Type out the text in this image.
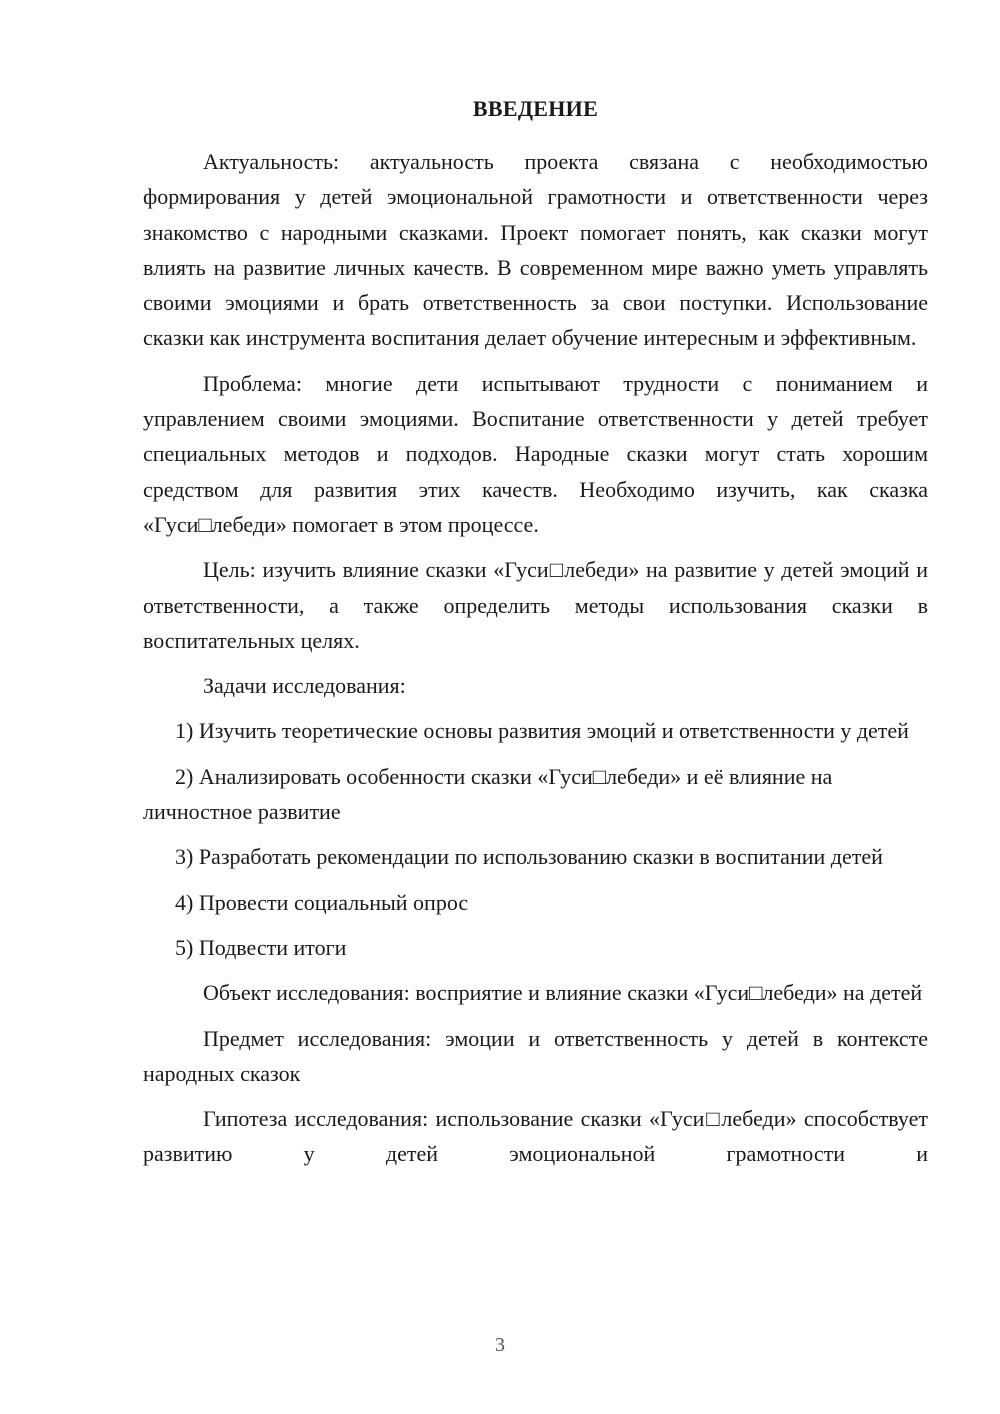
ВВЕДЕНИЕ

Актуальность: актуальность проекта связана с необходимостью формирования у детей эмоциональной грамотности и ответственности через знакомство с народными сказками. Проект помогает понять, как сказки могут влиять на развитие личных качеств. В современном мире важно уметь управлять своими эмоциями и брать ответственность за свои поступки. Использование сказки как инструмента воспитания делает обучение интересным и эффективным.

Проблема: многие дети испытывают трудности с пониманием и управлением своими эмоциями. Воспитание ответственности у детей требует специальных методов и подходов. Народные сказки могут стать хорошим средством для развития этих качеств. Необходимо изучить, как сказка «Гуси□лебеди» помогает в этом процессе.

Цель: изучить влияние сказки «Гуси□лебеди» на развитие у детей эмоций и ответственности, а также определить методы использования сказки в воспитательных целях.

Задачи исследования:

1) Изучить теоретические основы развития эмоций и ответственности у детей

2) Анализировать особенности сказки «Гуси□лебеди» и её влияние на личностное развитие

3) Разработать рекомендации по использованию сказки в воспитании детей

4) Провести социальный опрос

5) Подвести итоги

Объект исследования: восприятие и влияние сказки «Гуси□лебеди» на детей

Предмет исследования: эмоции и ответственность у детей в контексте народных сказок

Гипотеза исследования: использование сказки «Гуси□лебеди» способствует развитию у детей эмоциональной грамотности и

3
